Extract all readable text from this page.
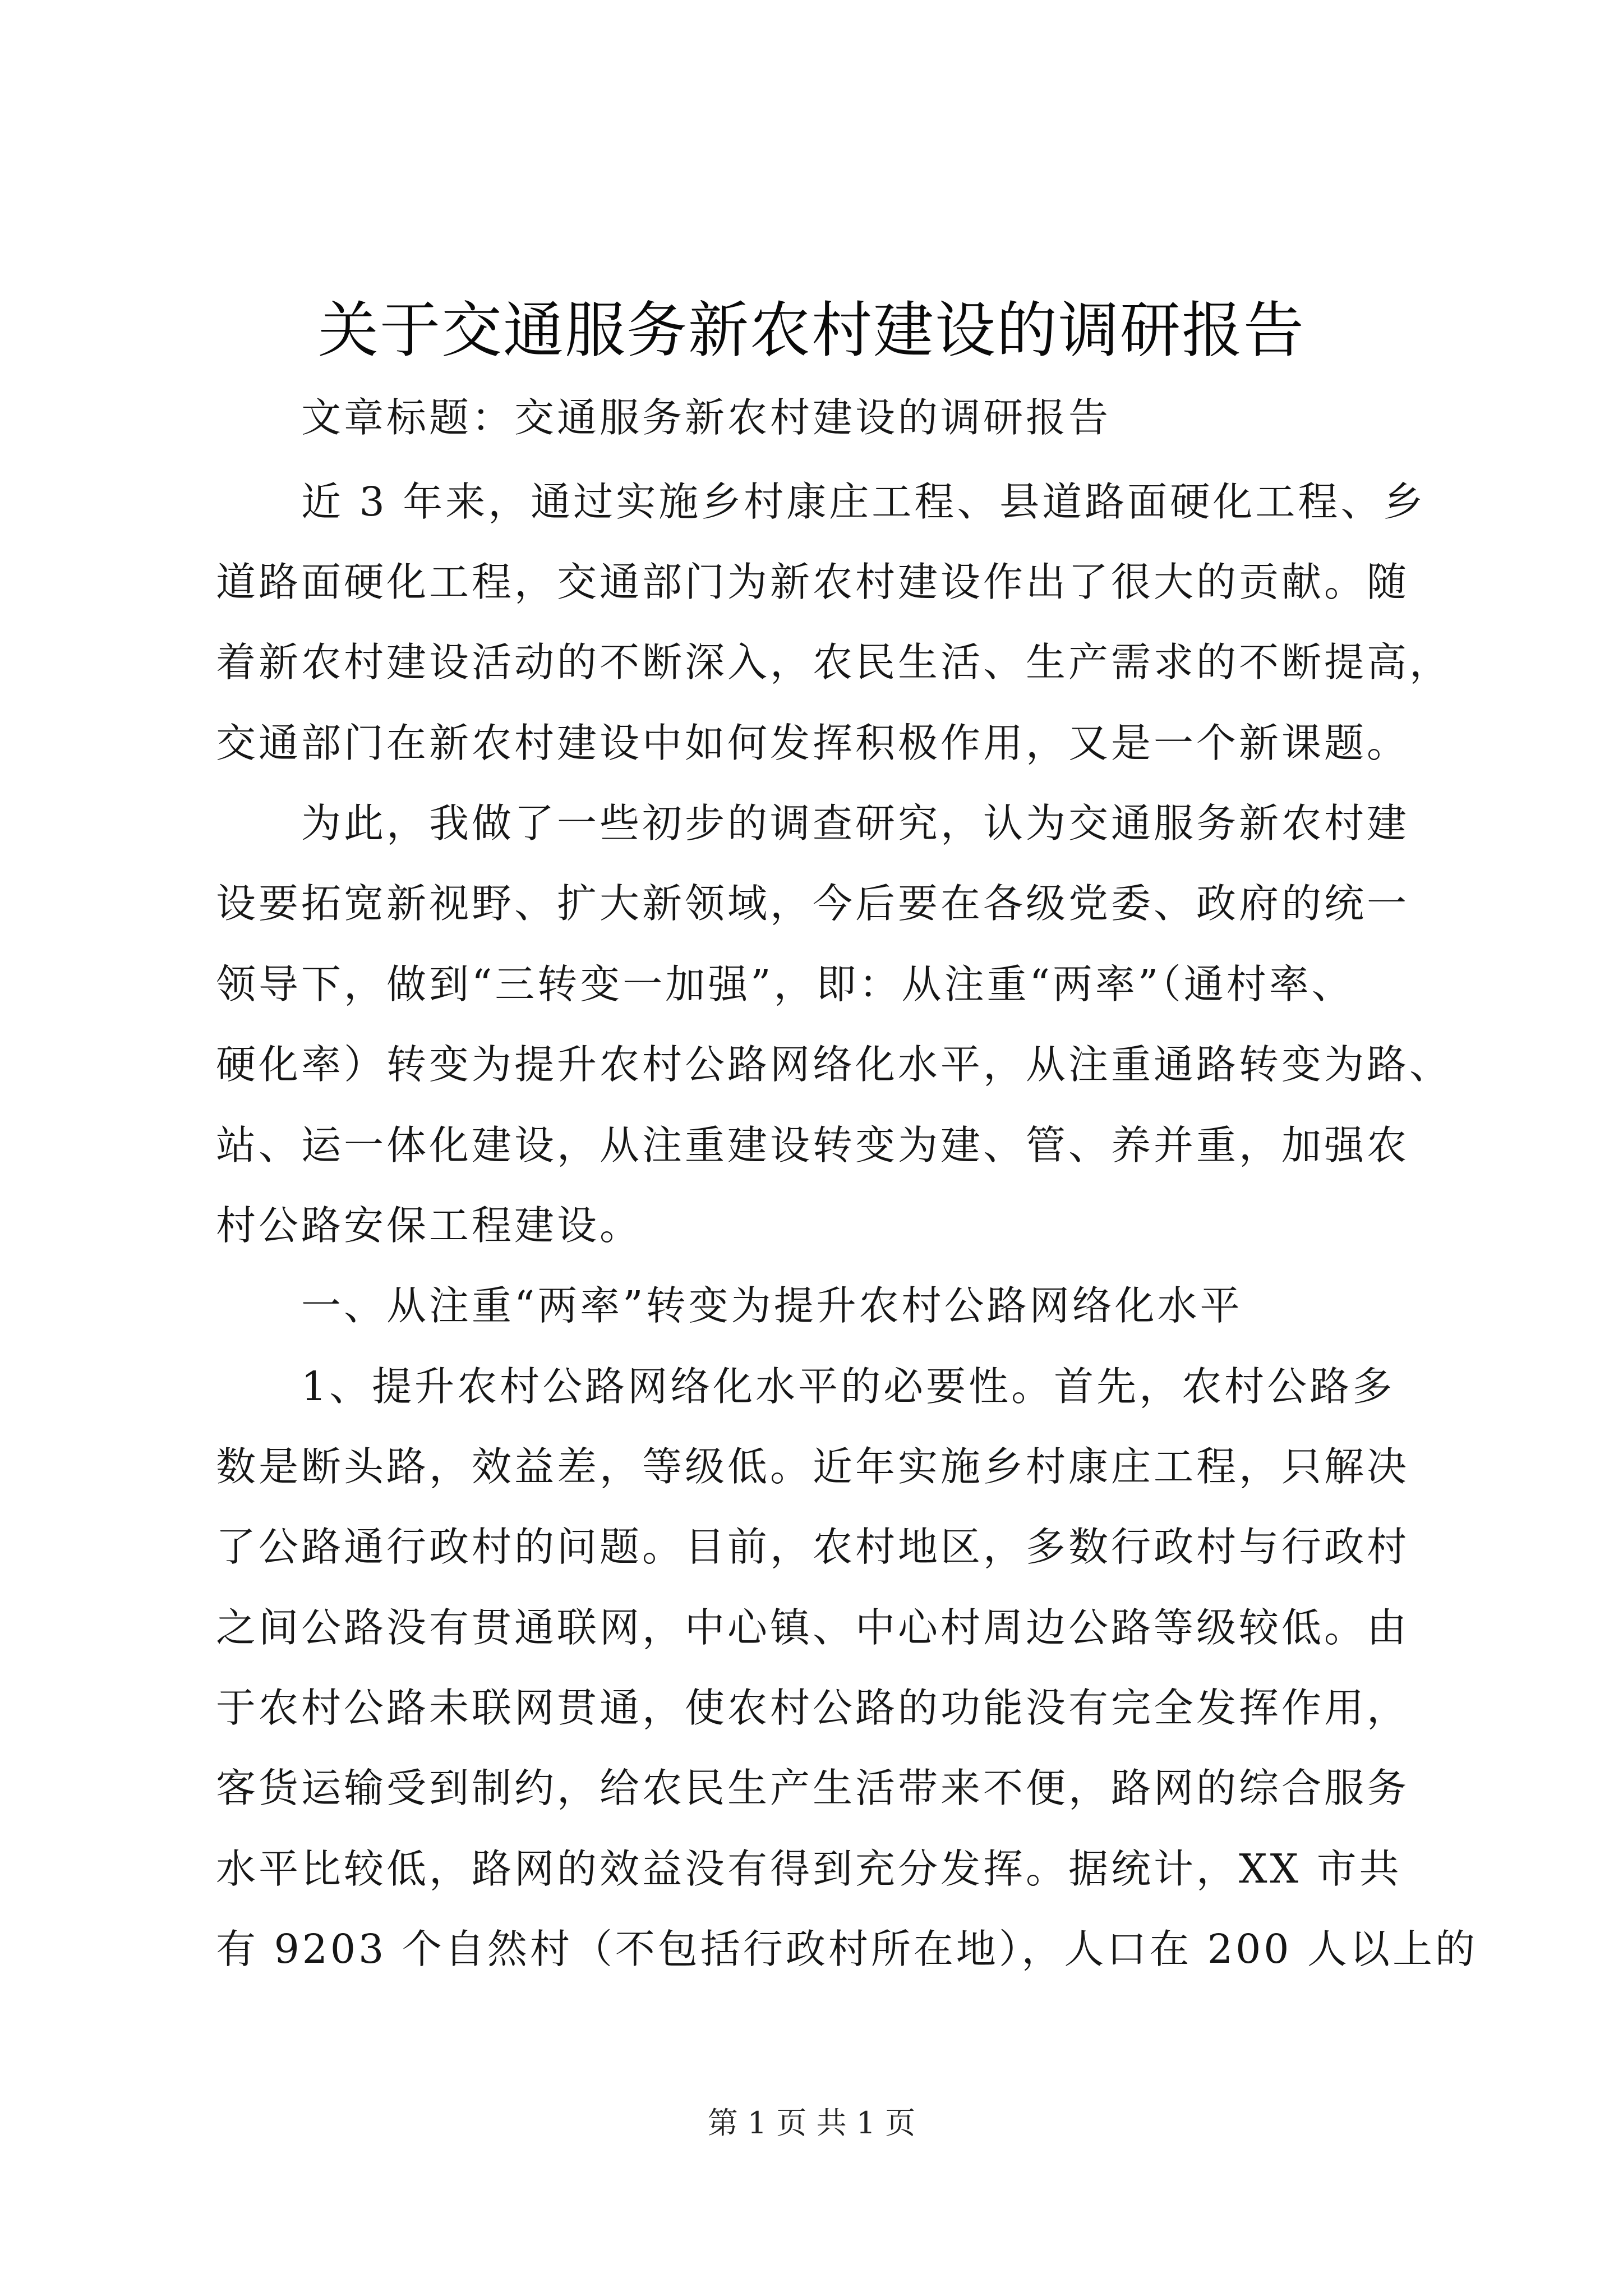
关于交通服务新农村建设的调研报告
　　文章标题：交通服务新农村建设的调研报告
　　近 3 年来，通过实施乡村康庄工程、县道路面硬化工程、乡
道路面硬化工程，交通部门为新农村建设作出了很大的贡献。随
着新农村建设活动的不断深入，农民生活、生产需求的不断提高，
交通部门在新农村建设中如何发挥积极作用，又是一个新课题。
　　为此，我做了一些初步的调查研究，认为交通服务新农村建
设要拓宽新视野、扩大新领域，今后要在各级党委、政府的统一
领导下，做到“三转变一加强”，即：从注重“两率”（通村率、
硬化率）转变为提升农村公路网络化水平，从注重通路转变为路、
站、运一体化建设，从注重建设转变为建、管、养并重，加强农
村公路安保工程建设。
　　一、从注重“两率”转变为提升农村公路网络化水平
　　1、提升农村公路网络化水平的必要性。首先，农村公路多
数是断头路，效益差，等级低。近年实施乡村康庄工程，只解决
了公路通行政村的问题。目前，农村地区，多数行政村与行政村
之间公路没有贯通联网，中心镇、中心村周边公路等级较低。由
于农村公路未联网贯通，使农村公路的功能没有完全发挥作用，
客货运输受到制约，给农民生产生活带来不便，路网的综合服务
水平比较低，路网的效益没有得到充分发挥。据统计，XX 市共
有 9203 个自然村（不包括行政村所在地），人口在 200 人以上的
第 1 页 共 1 页
